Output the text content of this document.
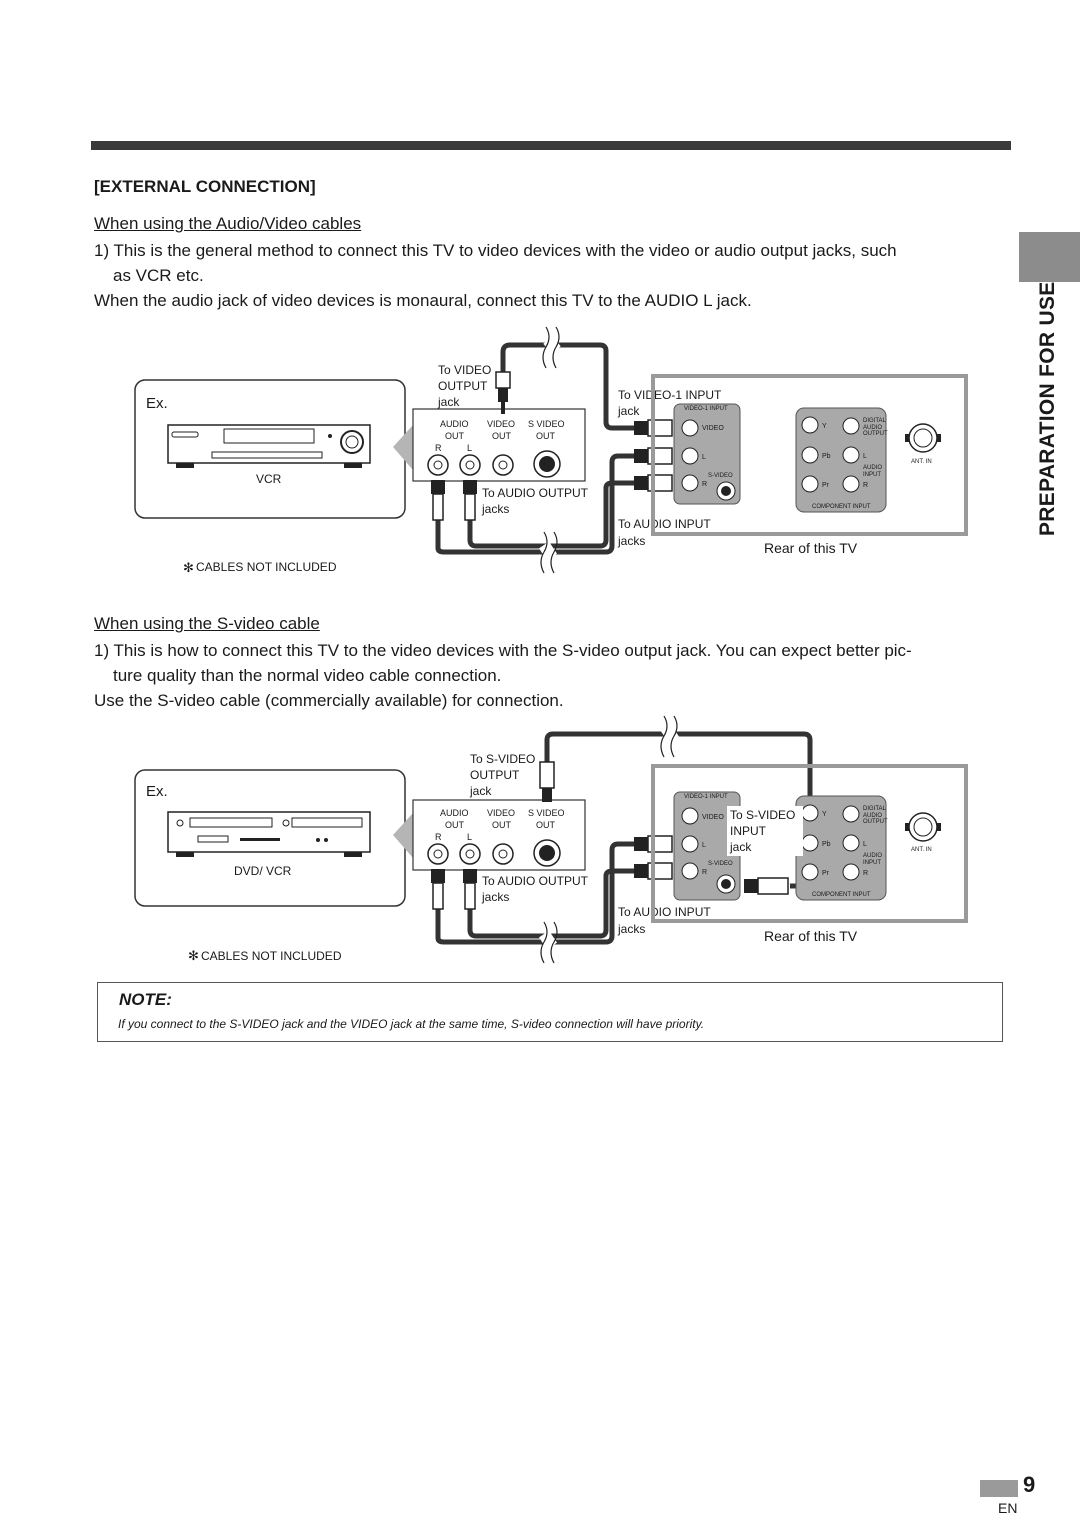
[EXTERNAL CONNECTION]
When using the Audio/Video cables
1) This is the general method to connect this TV to video devices with the video or audio output jacks, such
as VCR etc.
When the audio jack of video devices is monaural, connect this TV to the AUDIO L jack.
When using the S-video cable
1) This is how to connect this TV to the video devices with the S-video output jack. You can expect better pic-
ture quality than the normal video cable connection.
Use the S-video cable (commercially available) for connection.
PREPARATION FOR USE
Ex.
VCR
AUDIO VIDEO S VIDEO
OUT	OUT	OUT
R	L
To VIDEO
OUTPUT
jack	To VIDEO-1 INPUT
jack
To AUDIO OUTPUT
jacks
To AUDIO INPUT
jacks	Rear of this TV
✻ CABLES NOT INCLUDED
VIDEO-1 INPUT
VIDEO
L
S-VIDEO
R
Y
Pb
Pr
DIGITAL
AUDIO
OUTPUT
L
AUDIO
INPUT
R
COMPONENT INPUT
ANT. IN
Ex.
DVD/ VCR
AUDIO VIDEO S VIDEO
OUT	OUT	OUT
R	L
To S-VIDEO
OUTPUT
jack
To AUDIO OUTPUT
jacks
To AUDIO INPUT
jacks	Rear of this TV
✻ CABLES NOT INCLUDED
VIDEO-1 INPUT
VIDEO
L
S-VIDEO
R
Y
Pb
Pr
DIGITAL
AUDIO
OUTPUT
L
AUDIO
INPUT
R
COMPONENT INPUT
ANT. IN
To S-VIDEO
INPUT
jack
NOTE:
If you connect to the S-VIDEO jack and the VIDEO jack at the same time, S-video connection will have priority.
9
EN
